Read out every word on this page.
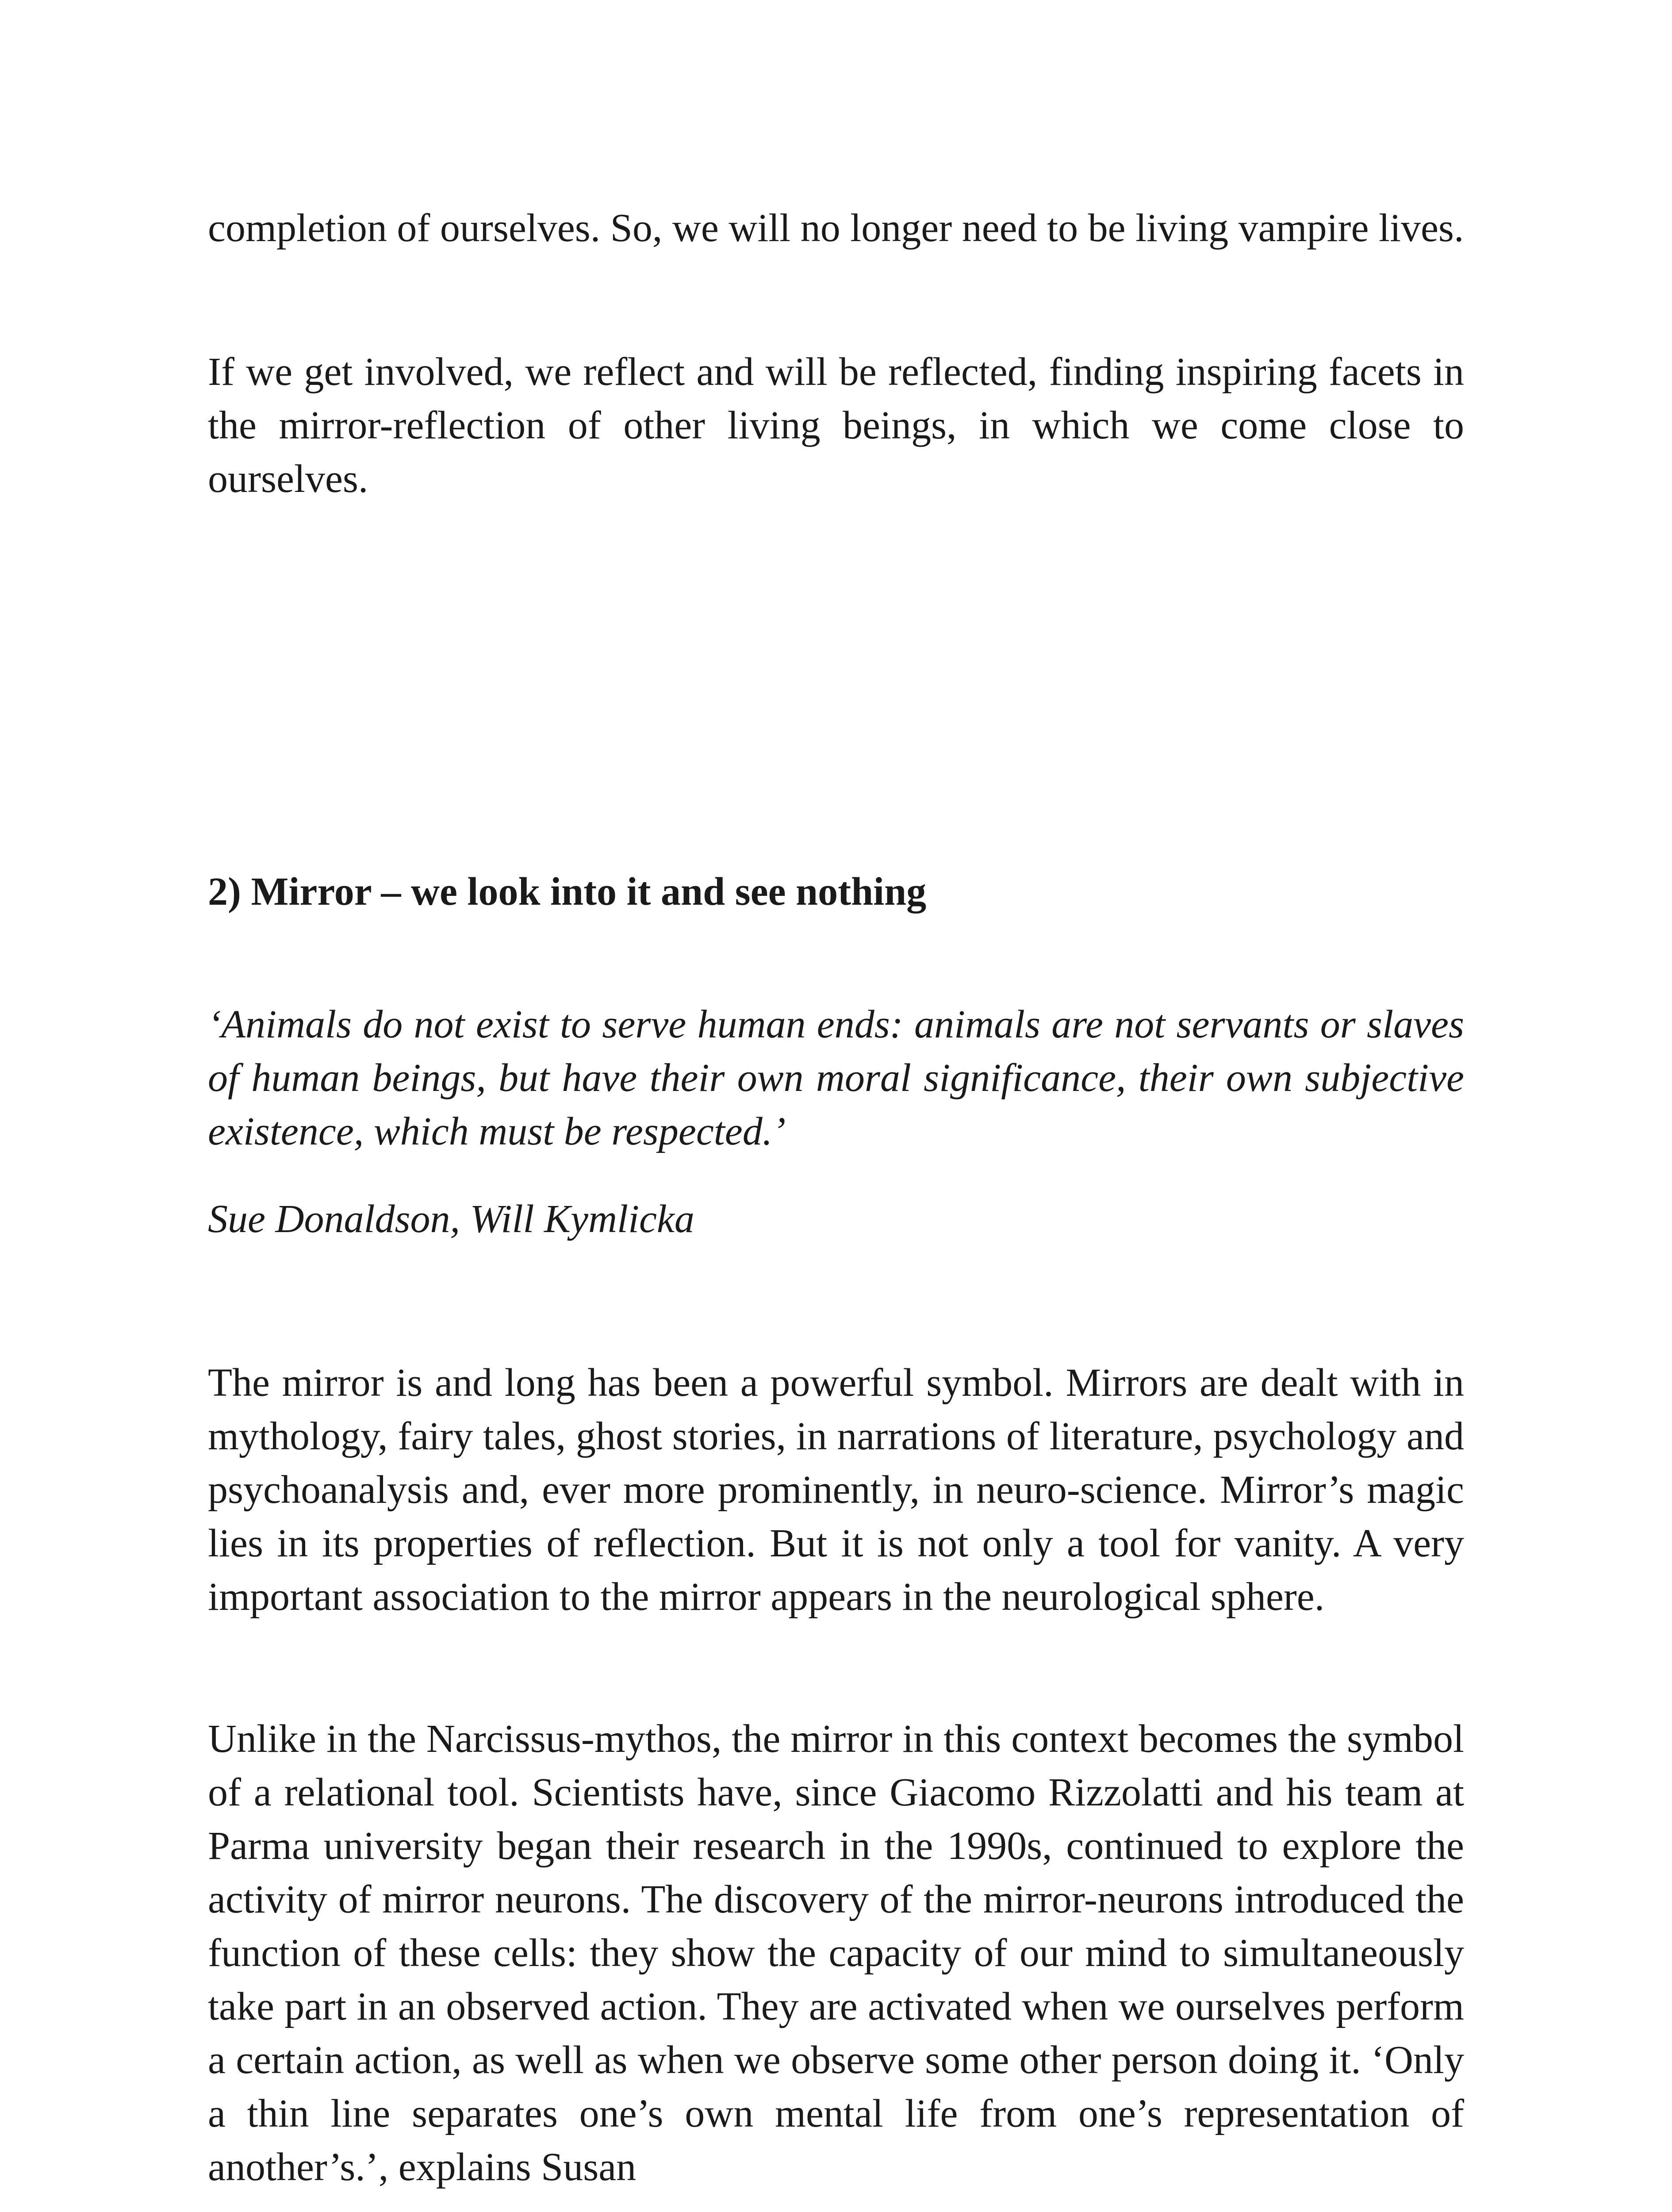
completion of ourselves. So, we will no longer need to be living vampire lives.

If we get involved, we reflect and will be reflected, finding inspiring facets in the mirror-reflection of other living beings, in which we come close to ourselves.

2) Mirror – we look into it and see nothing

‘Animals do not exist to serve human ends: animals are not servants or slaves of human beings, but have their own moral significance, their own subjective existence, which must be respected.’

Sue Donaldson, Will Kymlicka

The mirror is and long has been a powerful symbol. Mirrors are dealt with in mythology, fairy tales, ghost stories, in narrations of literature, psychology and psychoanalysis and, ever more prominently, in neuro-science. Mirror’s magic lies in its properties of reflection. But it is not only a tool for vanity. A very important association to the mirror appears in the neurological sphere.

Unlike in the Narcissus-mythos, the mirror in this context becomes the symbol of a relational tool. Scientists have, since Giacomo Rizzolatti and his team at Parma university began their research in the 1990s, continued to explore the activity of mirror neurons. The discovery of the mirror-neurons introduced the function of these cells: they show the capacity of our mind to simultaneously take part in an observed action. They are activated when we ourselves perform a certain action, as well as when we observe some other person doing it. ‘Only a thin line separates one’s own mental life from one’s representation of another’s.’, explains Susan
